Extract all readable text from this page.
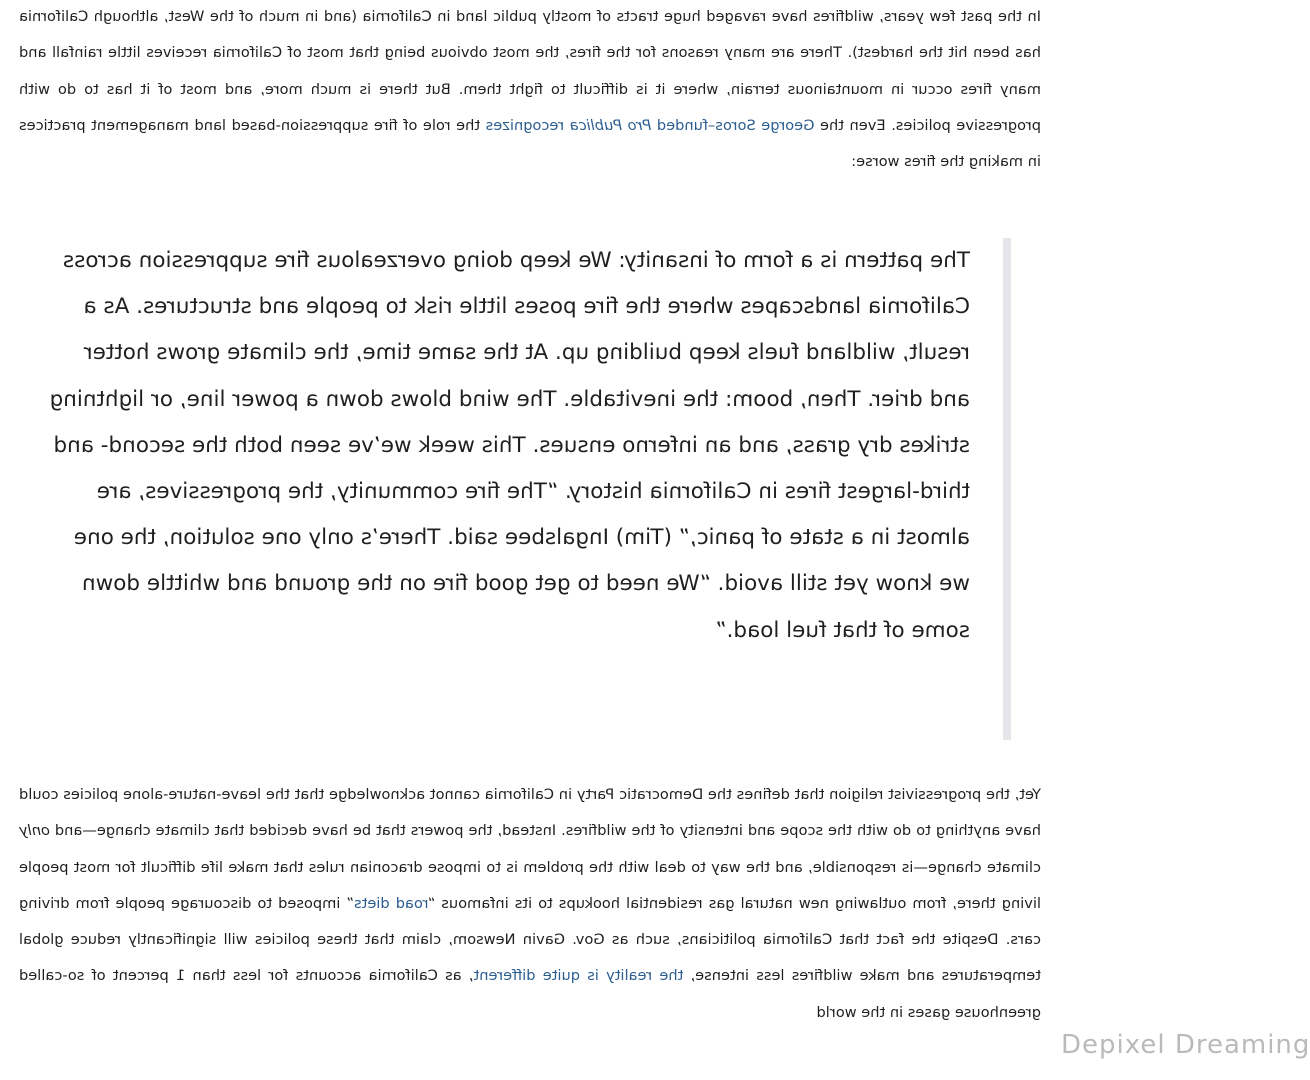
In the past few years, wildfires have ravaged huge tracts of mostly public land in California (and in much of the West, although California has been hit the hardest). There are many reasons for the fires, the most obvious being that most of California receives little rainfall and many fires occur in mountainous terrain, where it is difficult to fight them. But there is much more, and most of it has to do with progressive policies. Even the George Soros–funded Pro Publica recognizes the role of fire suppression-based land management practices in making the fires worse:
The pattern is a form of insanity: We keep doing overzealous fire suppression across California landscapes where the fire poses little risk to people and structures. As a result, wildland fuels keep building up. At the same time, the climate grows hotter and drier. Then, boom: the inevitable. The wind blows down a power line, or lightning strikes dry grass, and an inferno ensues. This week we’ve seen both the second- and third-largest fires in California history. “The fire community, the progressives, are almost in a state of panic,” (Tim) Ingalsbee said. There’s only one solution, the one we know yet still avoid. “We need to get good fire on the ground and whittle down some of that fuel load.”
Yet, the progressivist religion that defines the Democratic Party in California cannot acknowledge that the leave-nature-alone policies could have anything to do with the scope and intensity of the wildfires. Instead, the powers that be have decided that climate change—and only climate change—is responsible, and the way to deal with the problem is to impose draconian rules that make life difficult for most people living there, from outlawing new natural gas residential hookups to its infamous “road diets” imposed to discourage people from driving cars. Despite the fact that California politicians, such as Gov. Gavin Newsom, claim that these policies will significantly reduce global temperatures and make wildfires less intense, the reality is quite different, as California accounts for less than 1 percent of so-called greenhouse gases in the world
Depixel Dreaming
